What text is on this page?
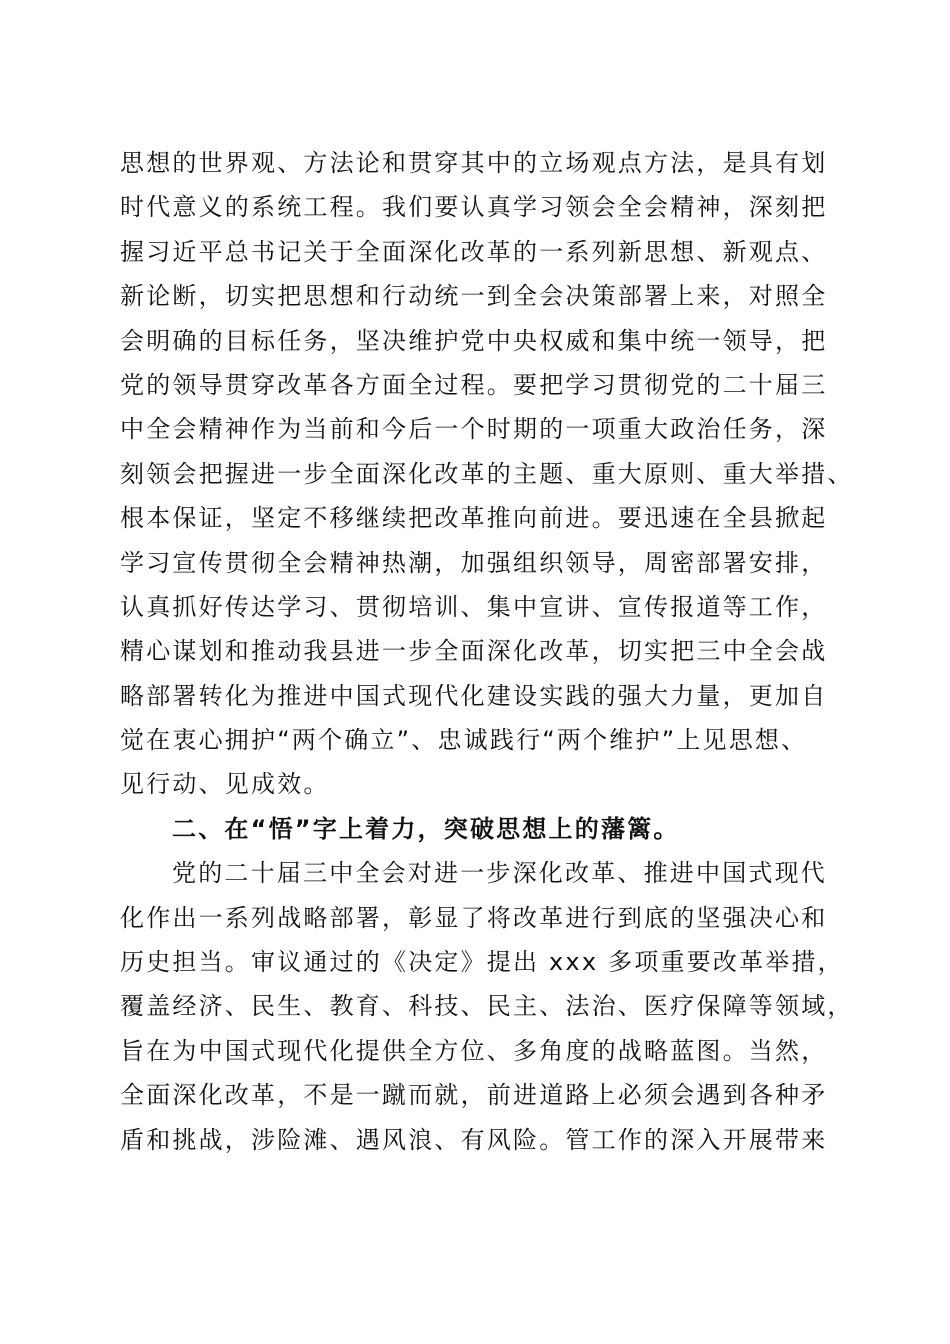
思想的世界观、方法论和贯穿其中的立场观点方法，是具有划
时代意义的系统工程。我们要认真学习领会全会精神，深刻把
握习近平总书记关于全面深化改革的一系列新思想、新观点、
新论断，切实把思想和行动统一到全会决策部署上来，对照全
会明确的目标任务，坚决维护党中央权威和集中统一领导，把
党的领导贯穿改革各方面全过程。要把学习贯彻党的二十届三
中全会精神作为当前和今后一个时期的一项重大政治任务，深
刻领会把握进一步全面深化改革的主题、重大原则、重大举措、
根本保证，坚定不移继续把改革推向前进。要迅速在全县掀起
学习宣传贯彻全会精神热潮，加强组织领导，周密部署安排，
认真抓好传达学习、贯彻培训、集中宣讲、宣传报道等工作，
精心谋划和推动我县进一步全面深化改革，切实把三中全会战
略部署转化为推进中国式现代化建设实践的强大力量，更加自
觉在衷心拥护“两个确立”、忠诚践行“两个维护”上见思想、
见行动、见成效。
二、在“悟”字上着力，突破思想上的藩篱。
党的二十届三中全会对进一步深化改革、推进中国式现代
化作出一系列战略部署，彰显了将改革进行到底的坚强决心和
历史担当。审议通过的《决定》提出 xxx 多项重要改革举措，
覆盖经济、民生、教育、科技、民主、法治、医疗保障等领域，
旨在为中国式现代化提供全方位、多角度的战略蓝图。当然，
全面深化改革，不是一蹴而就，前进道路上必须会遇到各种矛
盾和挑战，涉险滩、遇风浪、有风险。管工作的深入开展带来
